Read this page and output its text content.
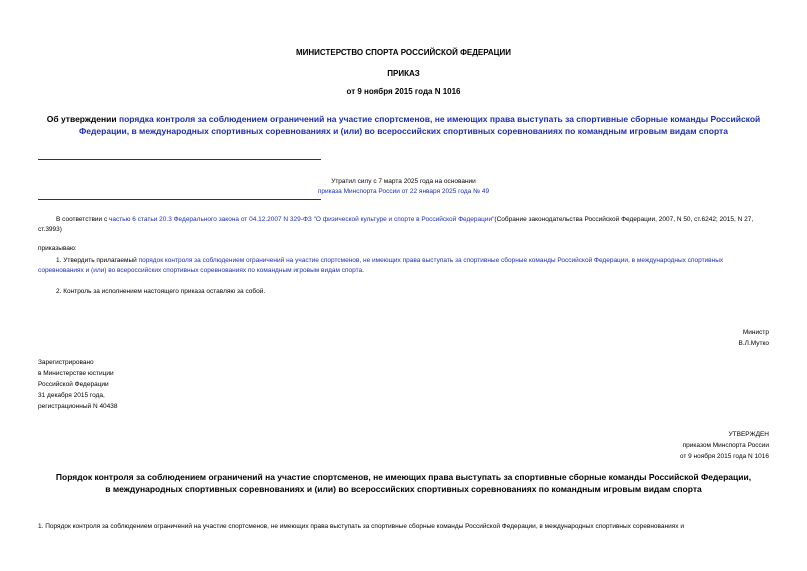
МИНИСТЕРСТВО СПОРТА РОССИЙСКОЙ ФЕДЕРАЦИИ
ПРИКАЗ
от 9 ноября 2015 года N 1016
Об утверждении порядка контроля за соблюдением ограничений на участие спортсменов, не имеющих права выступать за спортивные сборные команды Российской Федерации, в международных спортивных соревнованиях и (или) во всероссийских спортивных соревнованиях по командным игровым видам спорта
Утратил силу с 7 марта 2025 года на основании
приказа Минспорта России от 22 января 2025 года № 49
В соответствии с частью 6 статьи 20.3 Федерального закона от 04.12.2007 N 329-ФЗ "О физической культуре и спорте в Российской Федерации"(Собрание законодательства Российской Федерации, 2007, N 50, ст.6242; 2015, N 27, ст.3993)
приказываю:
1. Утвердить прилагаемый порядок контроля за соблюдением ограничений на участие спортсменов, не имеющих права выступать за спортивные сборные команды Российской Федерации, в международных спортивных соревнованиях и (или) во всероссийских спортивных соревнованиях по командным игровым видам спорта.
2. Контроль за исполнением настоящего приказа оставляю за собой.
Министр
В.Л.Мутко
Зарегистрировано
в Министерстве юстиции
Российской Федерации
31 декабря 2015 года,
регистрационный N 40438
УТВЕРЖДЕН
приказом Минспорта России
от 9 ноября 2015 года N 1016
Порядок контроля за соблюдением ограничений на участие спортсменов, не имеющих права выступать за спортивные сборные команды Российской Федерации,
в международных спортивных соревнованиях и (или) во всероссийских спортивных соревнованиях по командным игровым видам спорта
1. Порядок контроля за соблюдением ограничений на участие спортсменов, не имеющих права выступать за спортивные сборные команды Российской Федерации, в международных спортивных соревнованиях и
